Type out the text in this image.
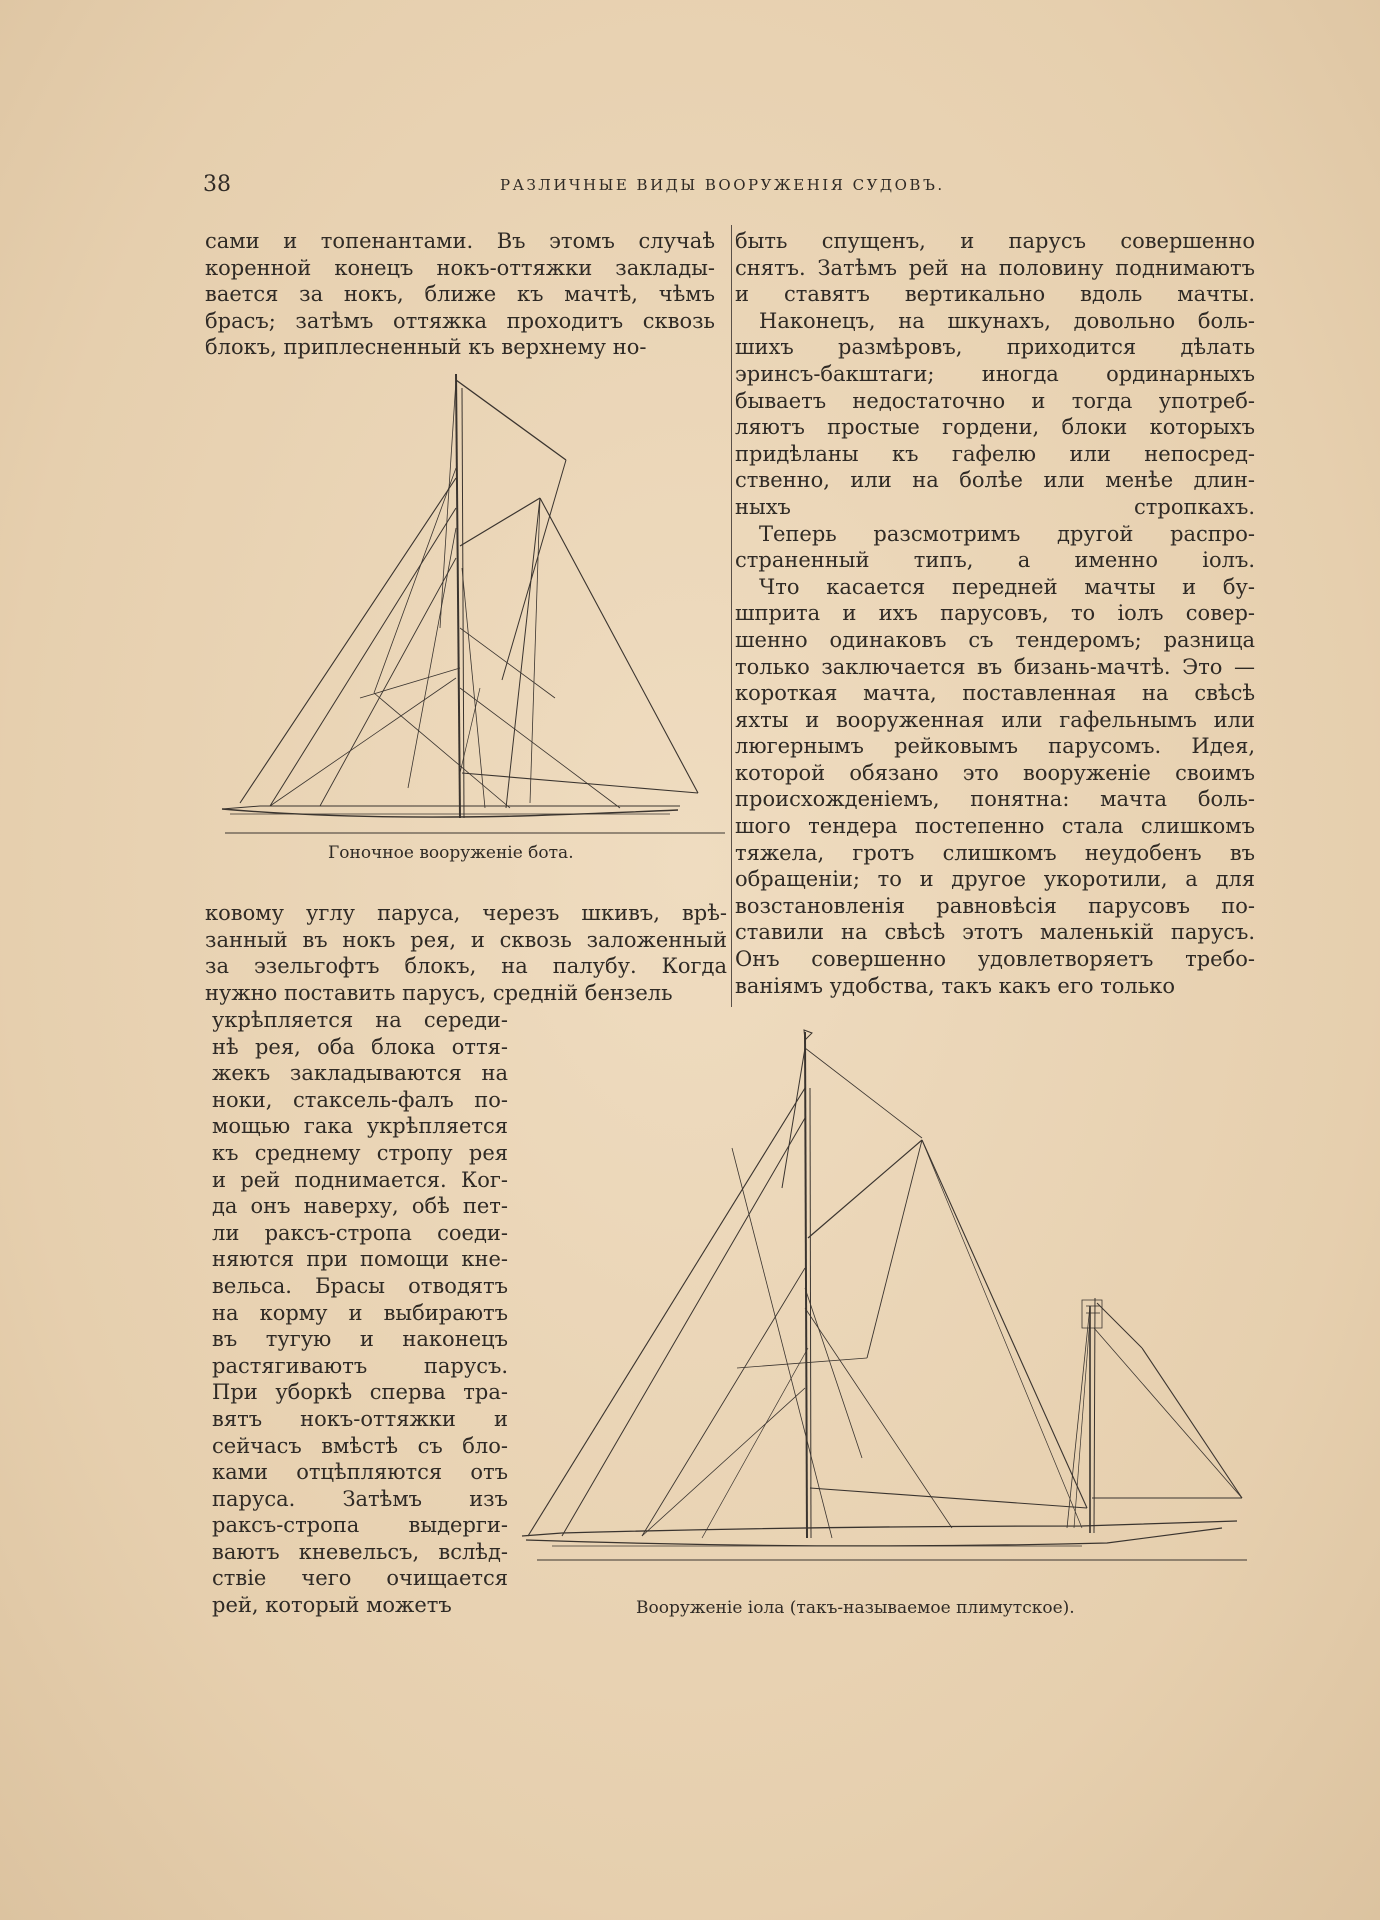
38	РАЗЛИЧНЫЕ ВИДЫ ВООРУЖЕНІЯ СУДОВЪ.
сами и топенантами. Въ этомъ случаѣ
коренной конецъ нокъ-оттяжки заклады-
вается за нокъ, ближе къ мачтѣ, чѣмъ
брасъ; затѣмъ оттяжка проходитъ сквозь
блокъ, приплесненный къ верхнему но-
Гоночное вооруженіе бота.
ковому углу паруса, черезъ шкивъ, врѣ-
занный въ нокъ рея, и сквозь заложенный
за эзельгофтъ блокъ, на палубу. Когда
нужно поставить парусъ, средній бензель
укрѣпляется на середи-
нѣ рея, оба блока оття-
жекъ закладываются на
ноки, стаксель-фалъ по-
мощью гака укрѣпляется
къ среднему стропу рея
и рей поднимается. Ког-
да онъ наверху, обѣ пет-
ли раксъ-стропа соеди-
няются при помощи кне-
вельса. Брасы отводятъ
на корму и выбираютъ
въ тугую и наконецъ
растягиваютъ парусъ.
При уборкѣ сперва тра-
вятъ нокъ-оттяжки и
сейчасъ вмѣстѣ съ бло-
ками отцѣпляются отъ
паруса. Затѣмъ изъ
раксъ-стропа выдерги-
ваютъ кневельсъ, вслѣд-
ствіе чего очищается
рей, который можетъ
быть спущенъ, и парусъ совершенно
снятъ. Затѣмъ рей на половину поднимаютъ
и ставятъ вертикально вдоль мачты.
Наконецъ, на шкунахъ, довольно боль-
шихъ размѣровъ, приходится дѣлать
эринсъ-бакштаги; иногда ординарныхъ
бываетъ недостаточно и тогда употреб-
ляютъ простые гордени, блоки которыхъ
придѣланы къ гафелю или непосред-
ственно, или на болѣе или менѣе длин-
ныхъ стропкахъ.
Теперь разсмотримъ другой распро-
страненный типъ, а именно іолъ.
Что касается передней мачты и бу-
шприта и ихъ парусовъ, то іолъ совер-
шенно одинаковъ съ тендеромъ; разница
только заключается въ бизань-мачтѣ. Это —
короткая мачта, поставленная на свѣсѣ
яхты и вооруженная или гафельнымъ или
люгернымъ рейковымъ парусомъ. Идея,
которой обязано это вооруженіе своимъ
происхожденіемъ, понятна: мачта боль-
шого тендера постепенно стала слишкомъ
тяжела, гротъ слишкомъ неудобенъ въ
обращеніи; то и другое укоротили, а для
возстановленія равновѣсія парусовъ по-
ставили на свѣсѣ этотъ маленькій парусъ.
Онъ совершенно удовлетворяетъ требо-
ваніямъ удобства, такъ какъ его только
Вооруженіе іола (такъ-называемое плимутское).
